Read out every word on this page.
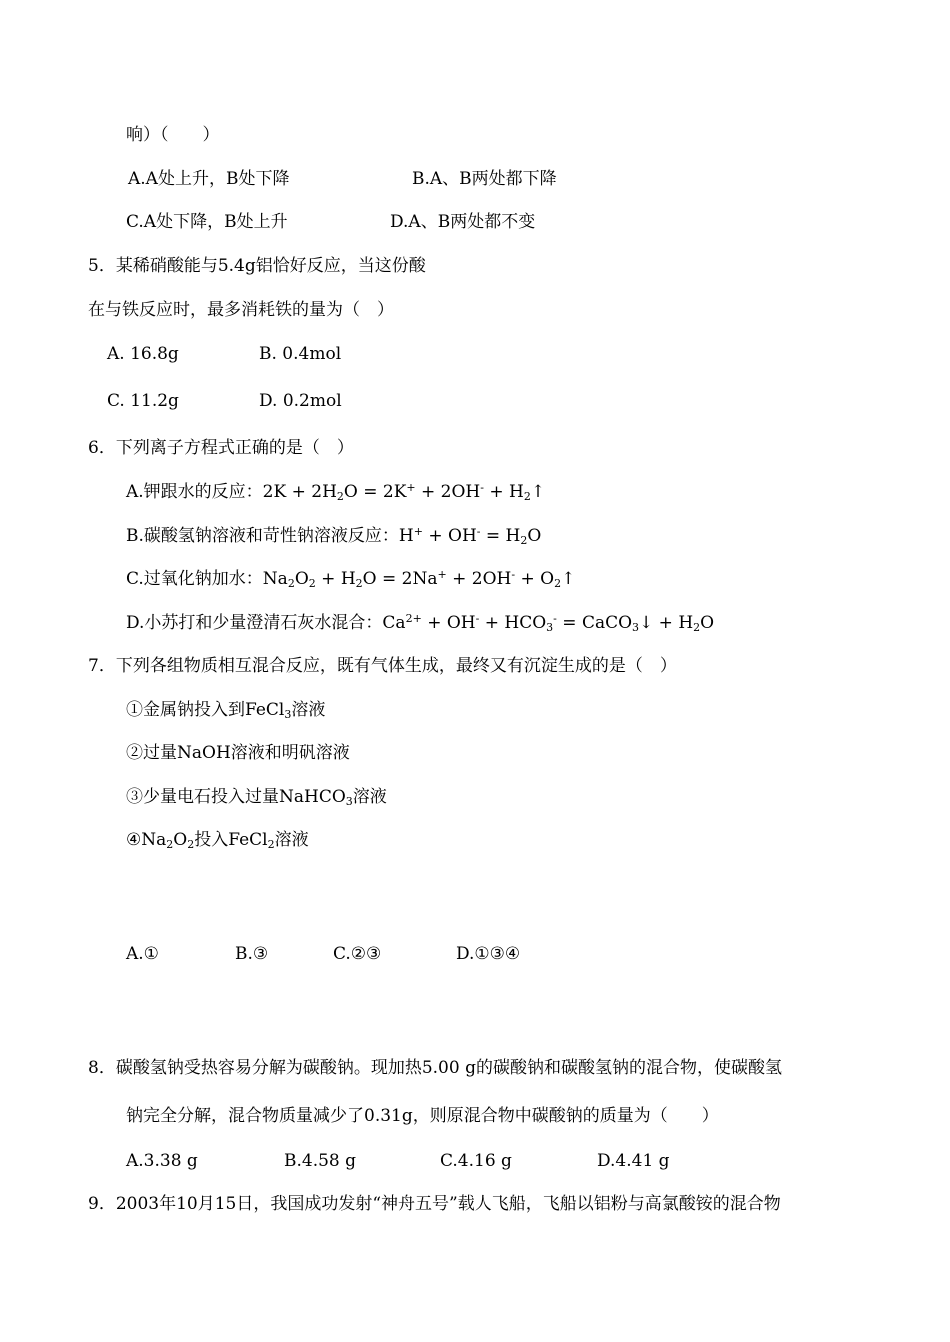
响）（　　）
A.A处上升，B处下降	B.A、B两处都下降
C.A处下降，B处上升	D.A、B两处都不变
5．某稀硝酸能与5.4g铝恰好反应，当这份酸
在与铁反应时，最多消耗铁的量为（　）
A. 16.8g	B. 0.4mol
C. 11.2g	D. 0.2mol
6．下列离子方程式正确的是（　）
A.钾跟水的反应：$2K + 2H_2O = 2K^+ + 2OH^-$ + $H_2↑$
B.碳酸氢钠溶液和苛性钠溶液反应：$H^+ + OH^- = H_2O$
C.过氧化钠加水：$Na_2O_2 + H_2O = 2Na^+ + 2OH^-$ + $O_2↑$
D.小苏打和少量澄清石灰水混合：$Ca^{2+} + OH^- + HCO_3^-$ = CaCO$_3$↓ + $H_2O$
7．下列各组物质相互混合反应，既有气体生成，最终又有沉淀生成的是（　）
①金属钠投入到FeCl$_3$溶液
②过量NaOH溶液和明矾溶液
③少量电石投入过量NaHCO$_3$溶液
$④Na_2O_2$投入FeCl$_2$溶液
A.①	B.③	C.②③	D.①③④
8．碳酸氢钠受热容易分解为碳酸钠。现加热5.00 g的碳酸钠和碳酸氢钠的混合物，使碳酸氢
钠完全分解，混合物质量减少了0.31g，则原混合物中碳酸钠的质量为（　　）
A.3.38 g	B.4.58 g	C.4.16 g	D.4.41 g
9．2003年10月15日，我国成功发射“神舟五号”载人飞船，飞船以铝粉与高氯酸铵的混合物
